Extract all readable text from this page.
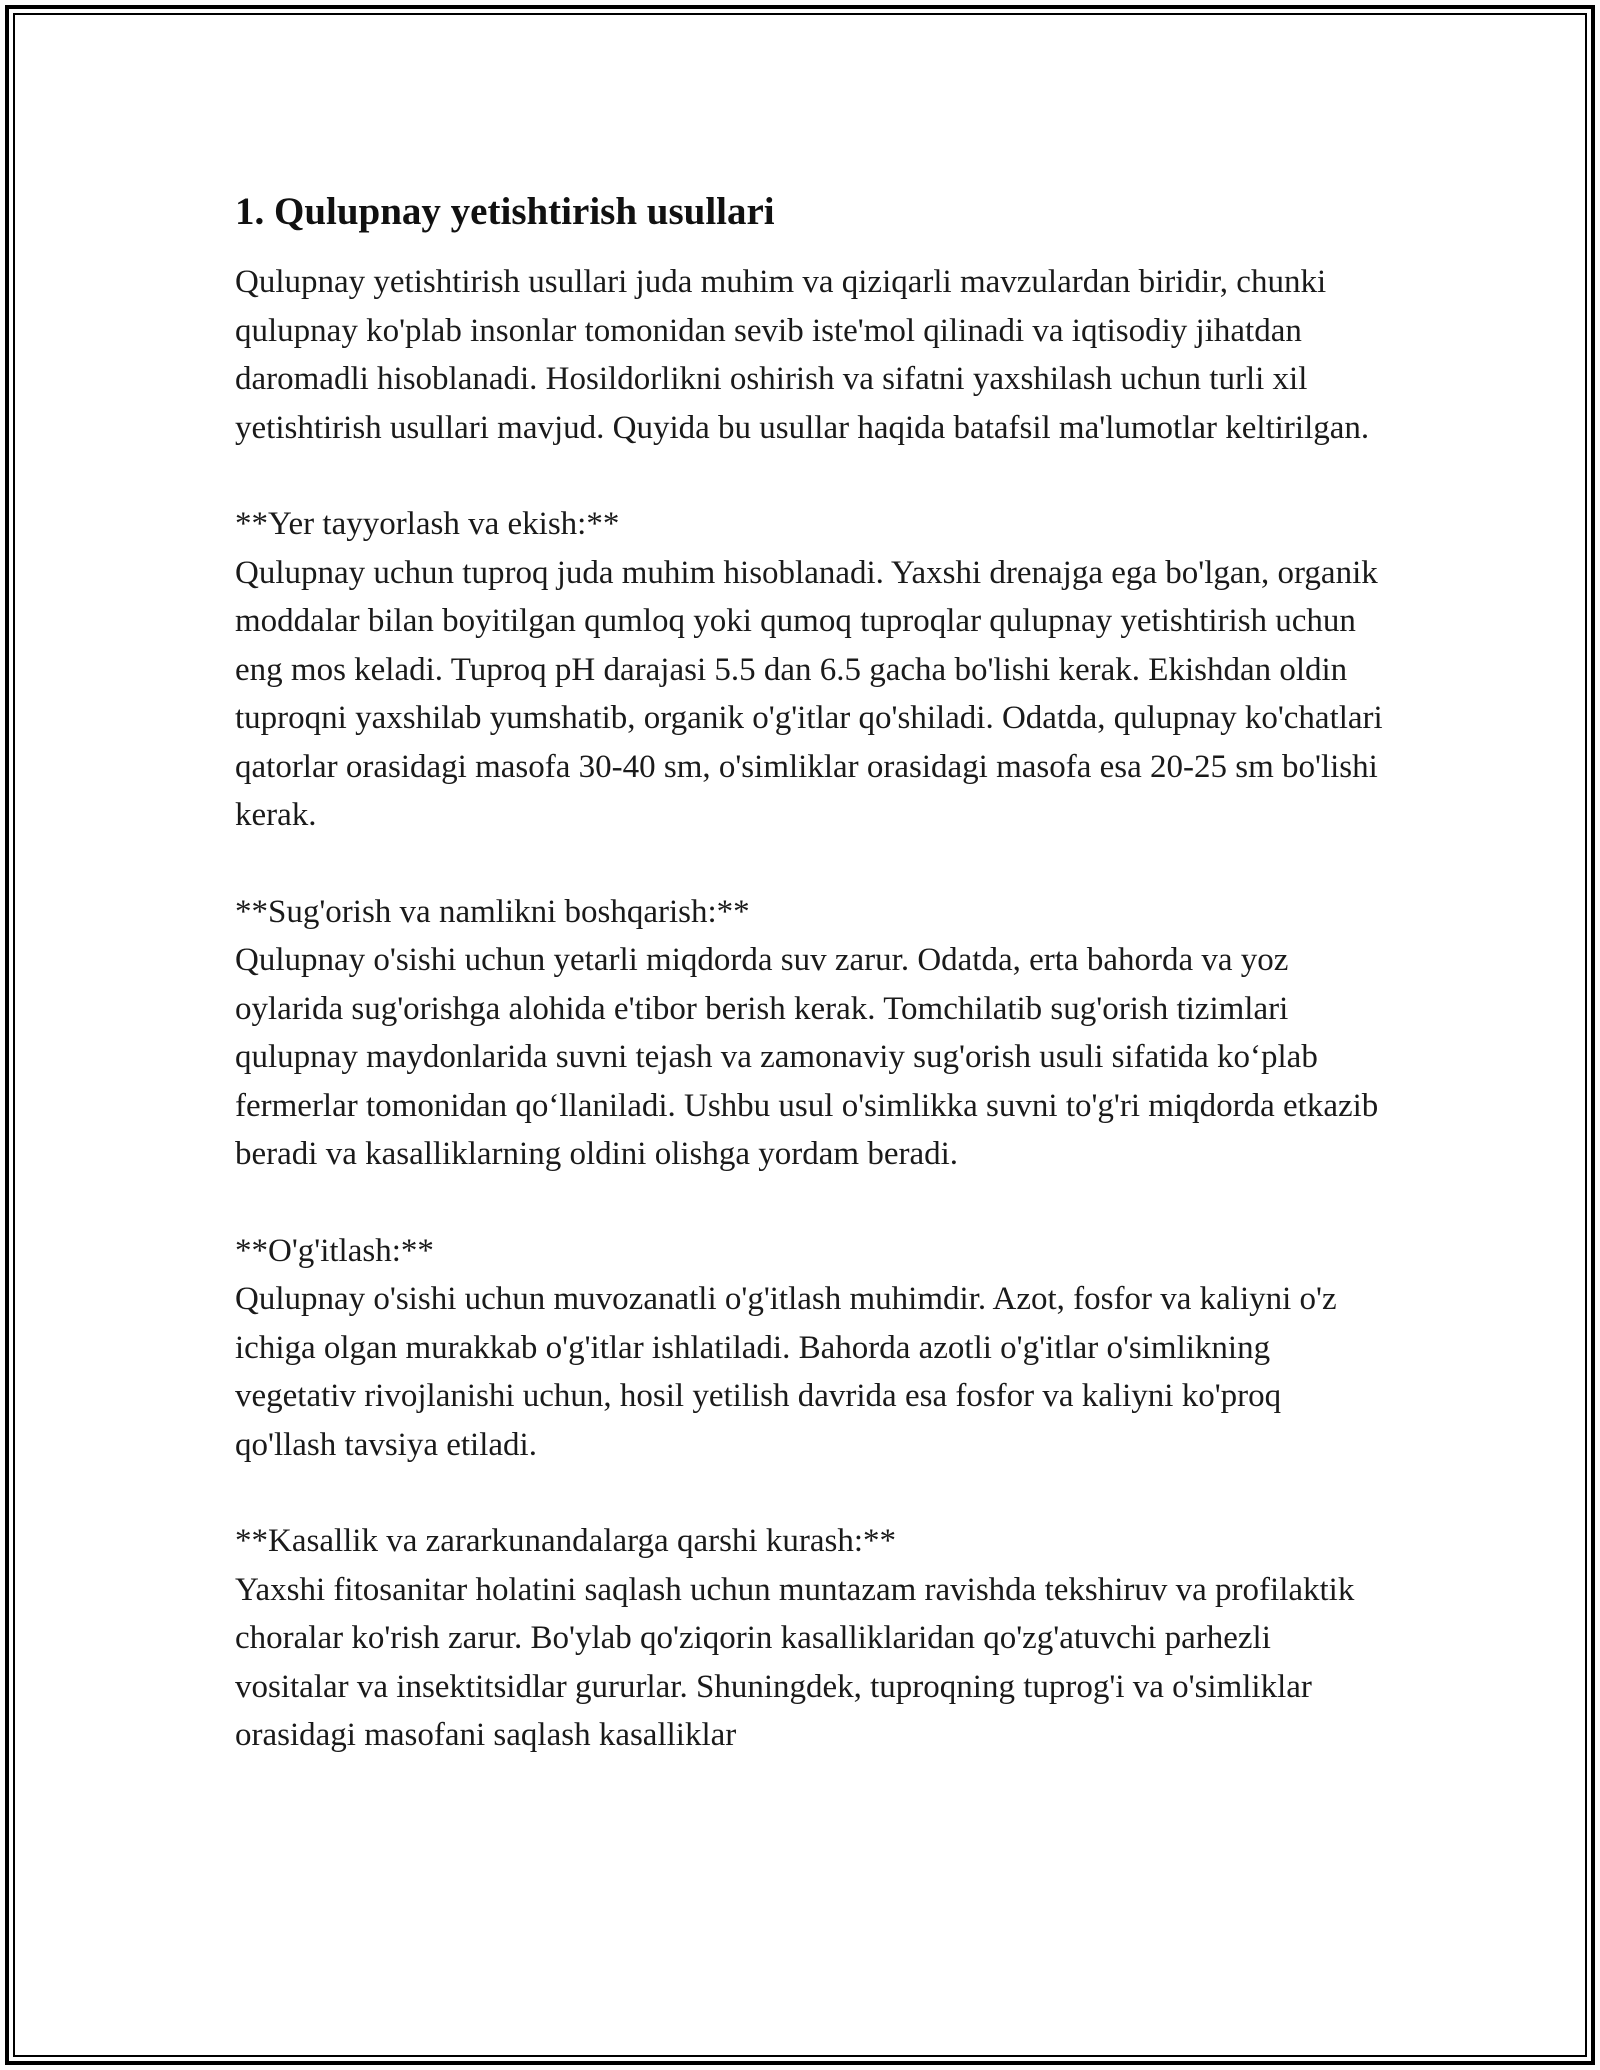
1. Qulupnay yetishtirish usullari

Qulupnay yetishtirish usullari juda muhim va qiziqarli mavzulardan biridir, chunki qulupnay ko'plab insonlar tomonidan sevib iste'mol qilinadi va iqtisodiy jihatdan daromadli hisoblanadi. Hosildorlikni oshirish va sifatni yaxshilash uchun turli xil yetishtirish usullari mavjud. Quyida bu usullar haqida batafsil ma'lumotlar keltirilgan.

**Yer tayyorlash va ekish:**

Qulupnay uchun tuproq juda muhim hisoblanadi. Yaxshi drenajga ega bo'lgan, organik moddalar bilan boyitilgan qumloq yoki qumoq tuproqlar qulupnay yetishtirish uchun eng mos keladi. Tuproq pH darajasi 5.5 dan 6.5 gacha bo'lishi kerak. Ekishdan oldin tuproqni yaxshilab yumshatib, organik o'g'itlar qo'shiladi. Odatda, qulupnay ko'chatlari qatorlar orasidagi masofa 30-40 sm, o'simliklar orasidagi masofa esa 20-25 sm bo'lishi kerak.

**Sug'orish va namlikni boshqarish:**

Qulupnay o'sishi uchun yetarli miqdorda suv zarur. Odatda, erta bahorda va yoz oylarida sug'orishga alohida e'tibor berish kerak. Tomchilatib sug'orish tizimlari qulupnay maydonlarida suvni tejash va zamonaviy sug'orish usuli sifatida ko‘plab fermerlar tomonidan qo‘llaniladi. Ushbu usul o'simlikka suvni to'g'ri miqdorda etkazib beradi va kasalliklarning oldini olishga yordam beradi.

**O'g'itlash:**

Qulupnay o'sishi uchun muvozanatli o'g'itlash muhimdir. Azot, fosfor va kaliyni o'z ichiga olgan murakkab o'g'itlar ishlatiladi. Bahorda azotli o'g'itlar o'simlikning vegetativ rivojlanishi uchun, hosil yetilish davrida esa fosfor va kaliyni ko'proq qo'llash tavsiya etiladi.

**Kasallik va zararkunandalarga qarshi kurash:**

Yaxshi fitosanitar holatini saqlash uchun muntazam ravishda tekshiruv va profilaktik choralar ko'rish zarur. Bo'ylab qo'ziqorin kasalliklaridan qo'zg'atuvchi parhezli vositalar va insektitsidlar gururlar. Shuningdek, tuproqning tuprog'i va o'simliklar orasidagi masofani saqlash kasalliklar
